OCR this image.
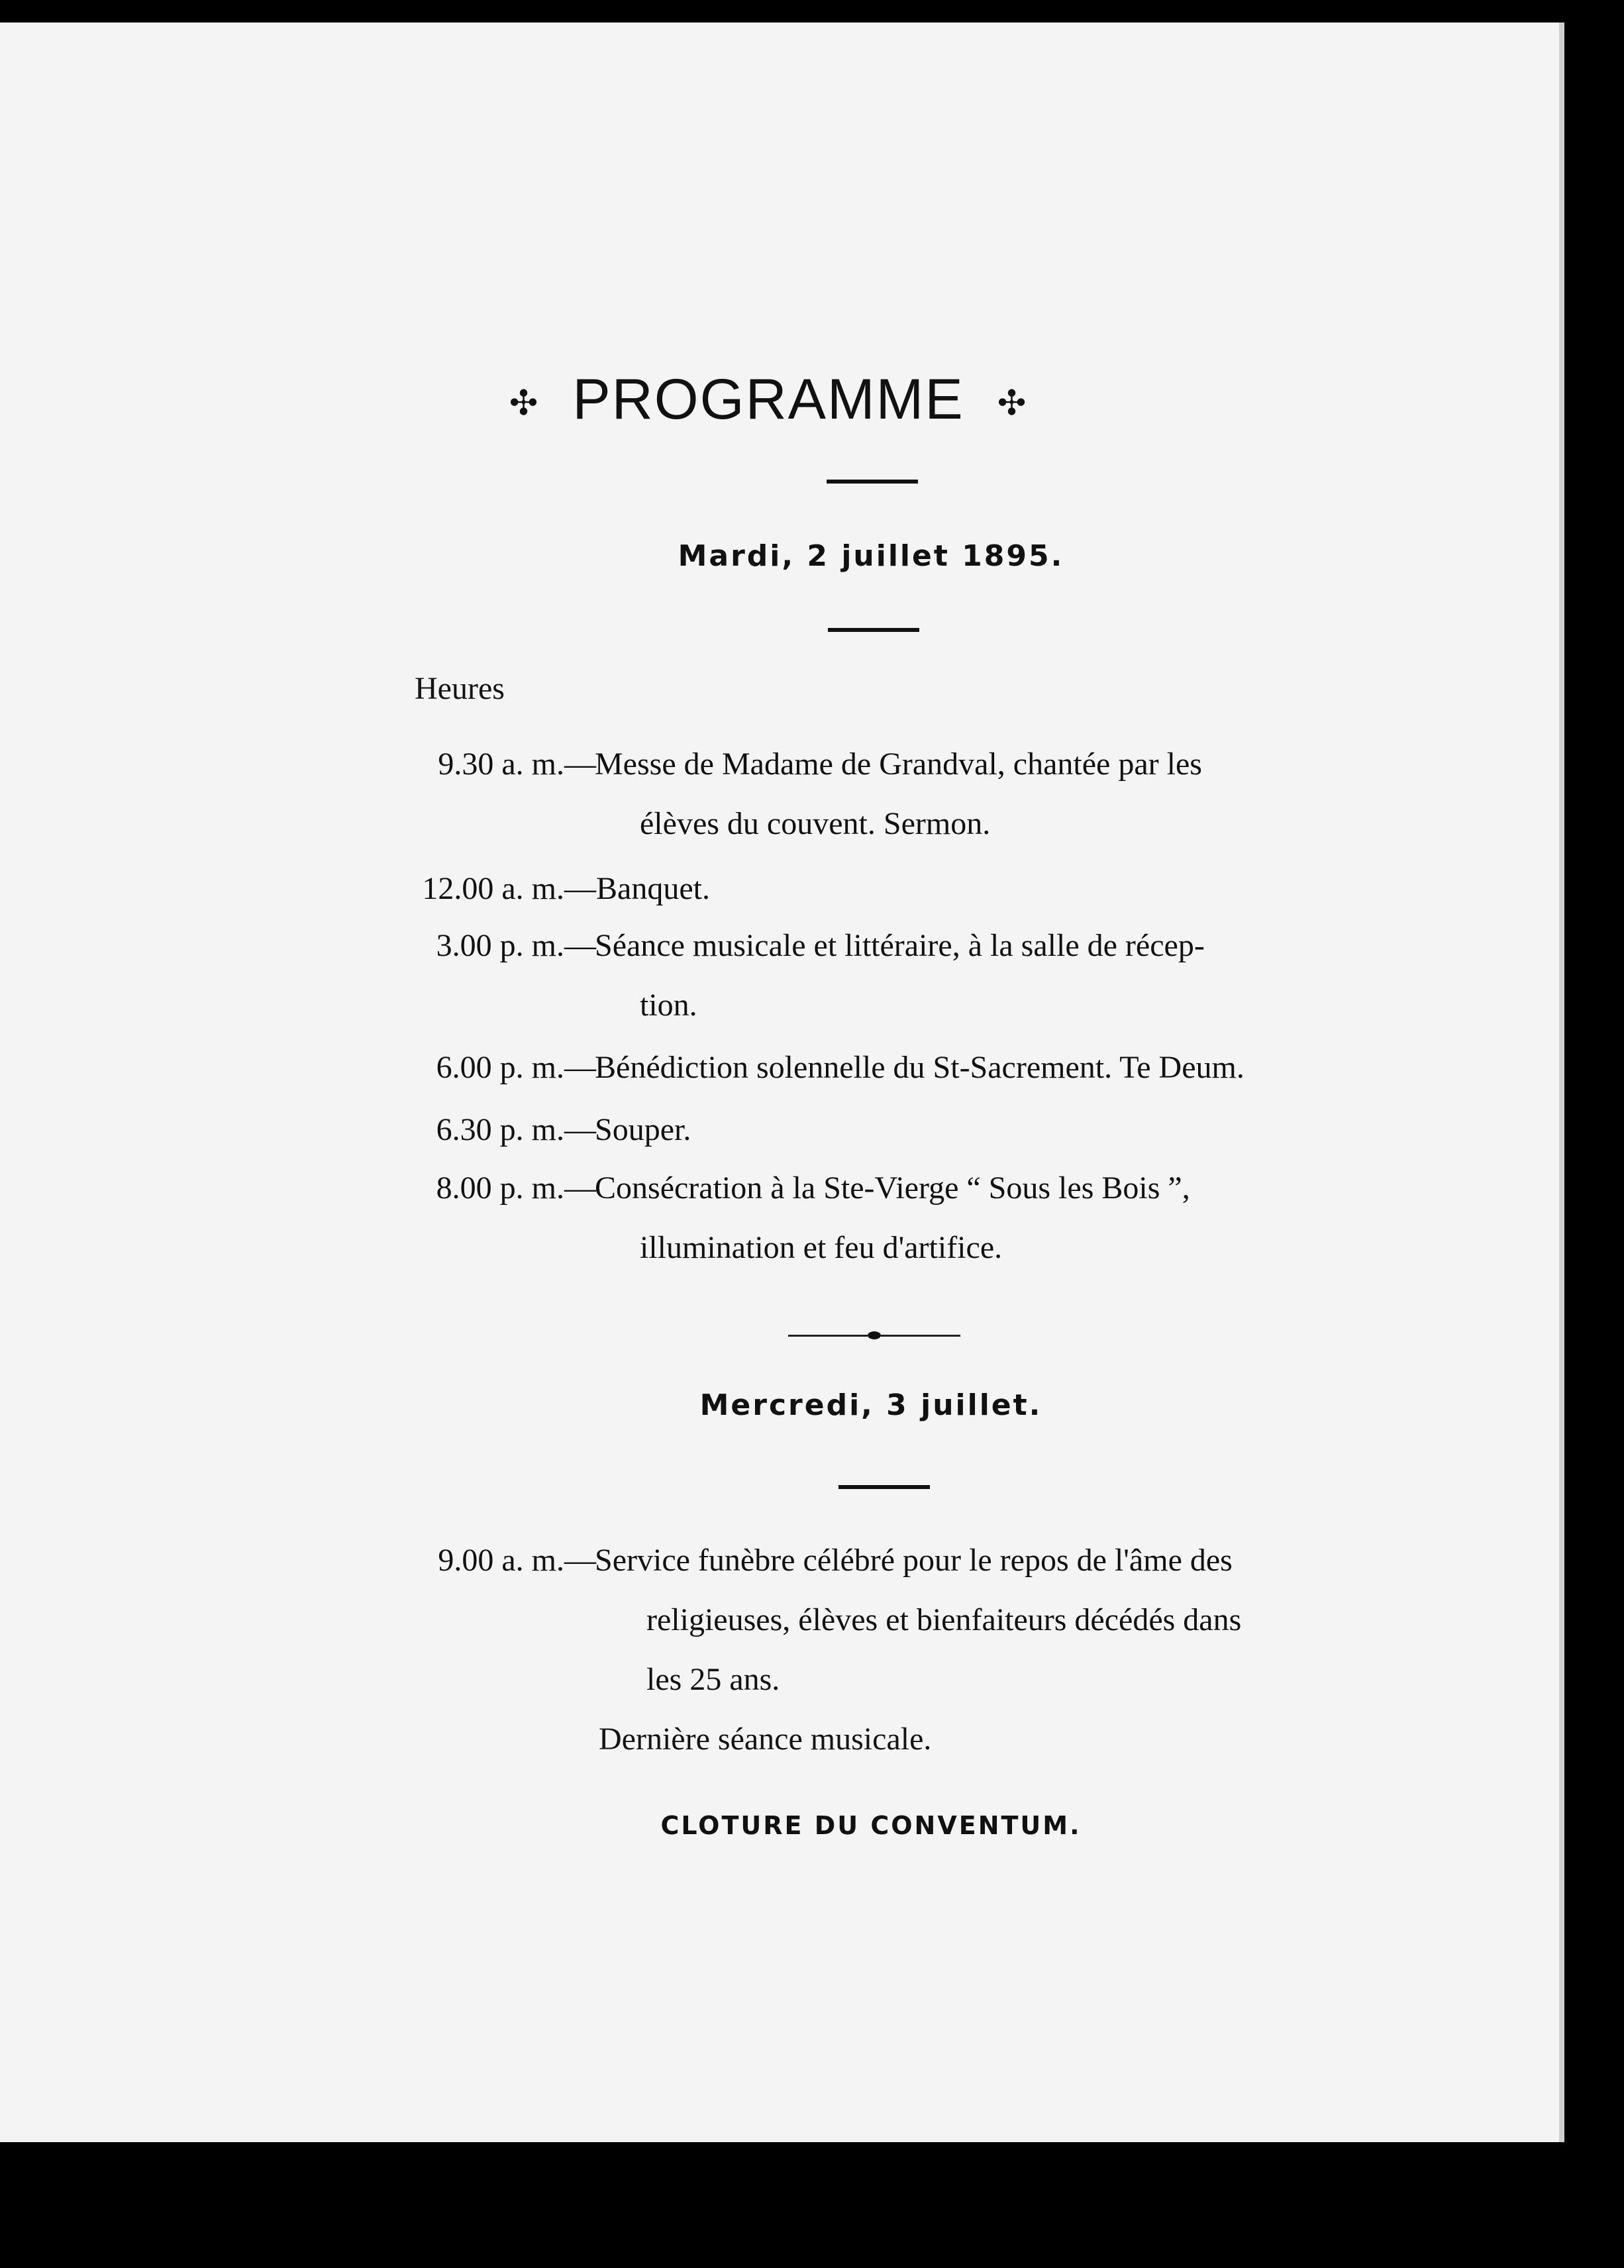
✣ PROGRAMME ✣
Mardi, 2 juillet 1895.
Heures
9.30 a. m.—
Messe de Madame de Grandval, chantée par les
élèves du couvent. Sermon.
12.00 a. m.— Banquet.
3.00 p. m.—
Séance musicale et littéraire, à la salle de récep-
tion.
6.00 p. m.—
Bénédiction solennelle du St-Sacrement. Te Deum.
6.30 p. m.—
Souper.
8.00 p. m.—
Consécration à la Ste-Vierge “ Sous les Bois ”,
illumination et feu d'artifice.
Mercredi, 3 juillet.
9.00 a. m.—
Service funèbre célébré pour le repos de l'âme des
religieuses, élèves et bienfaiteurs décédés dans
les 25 ans.
Dernière séance musicale.
CLOTURE DU CONVENTUM.
